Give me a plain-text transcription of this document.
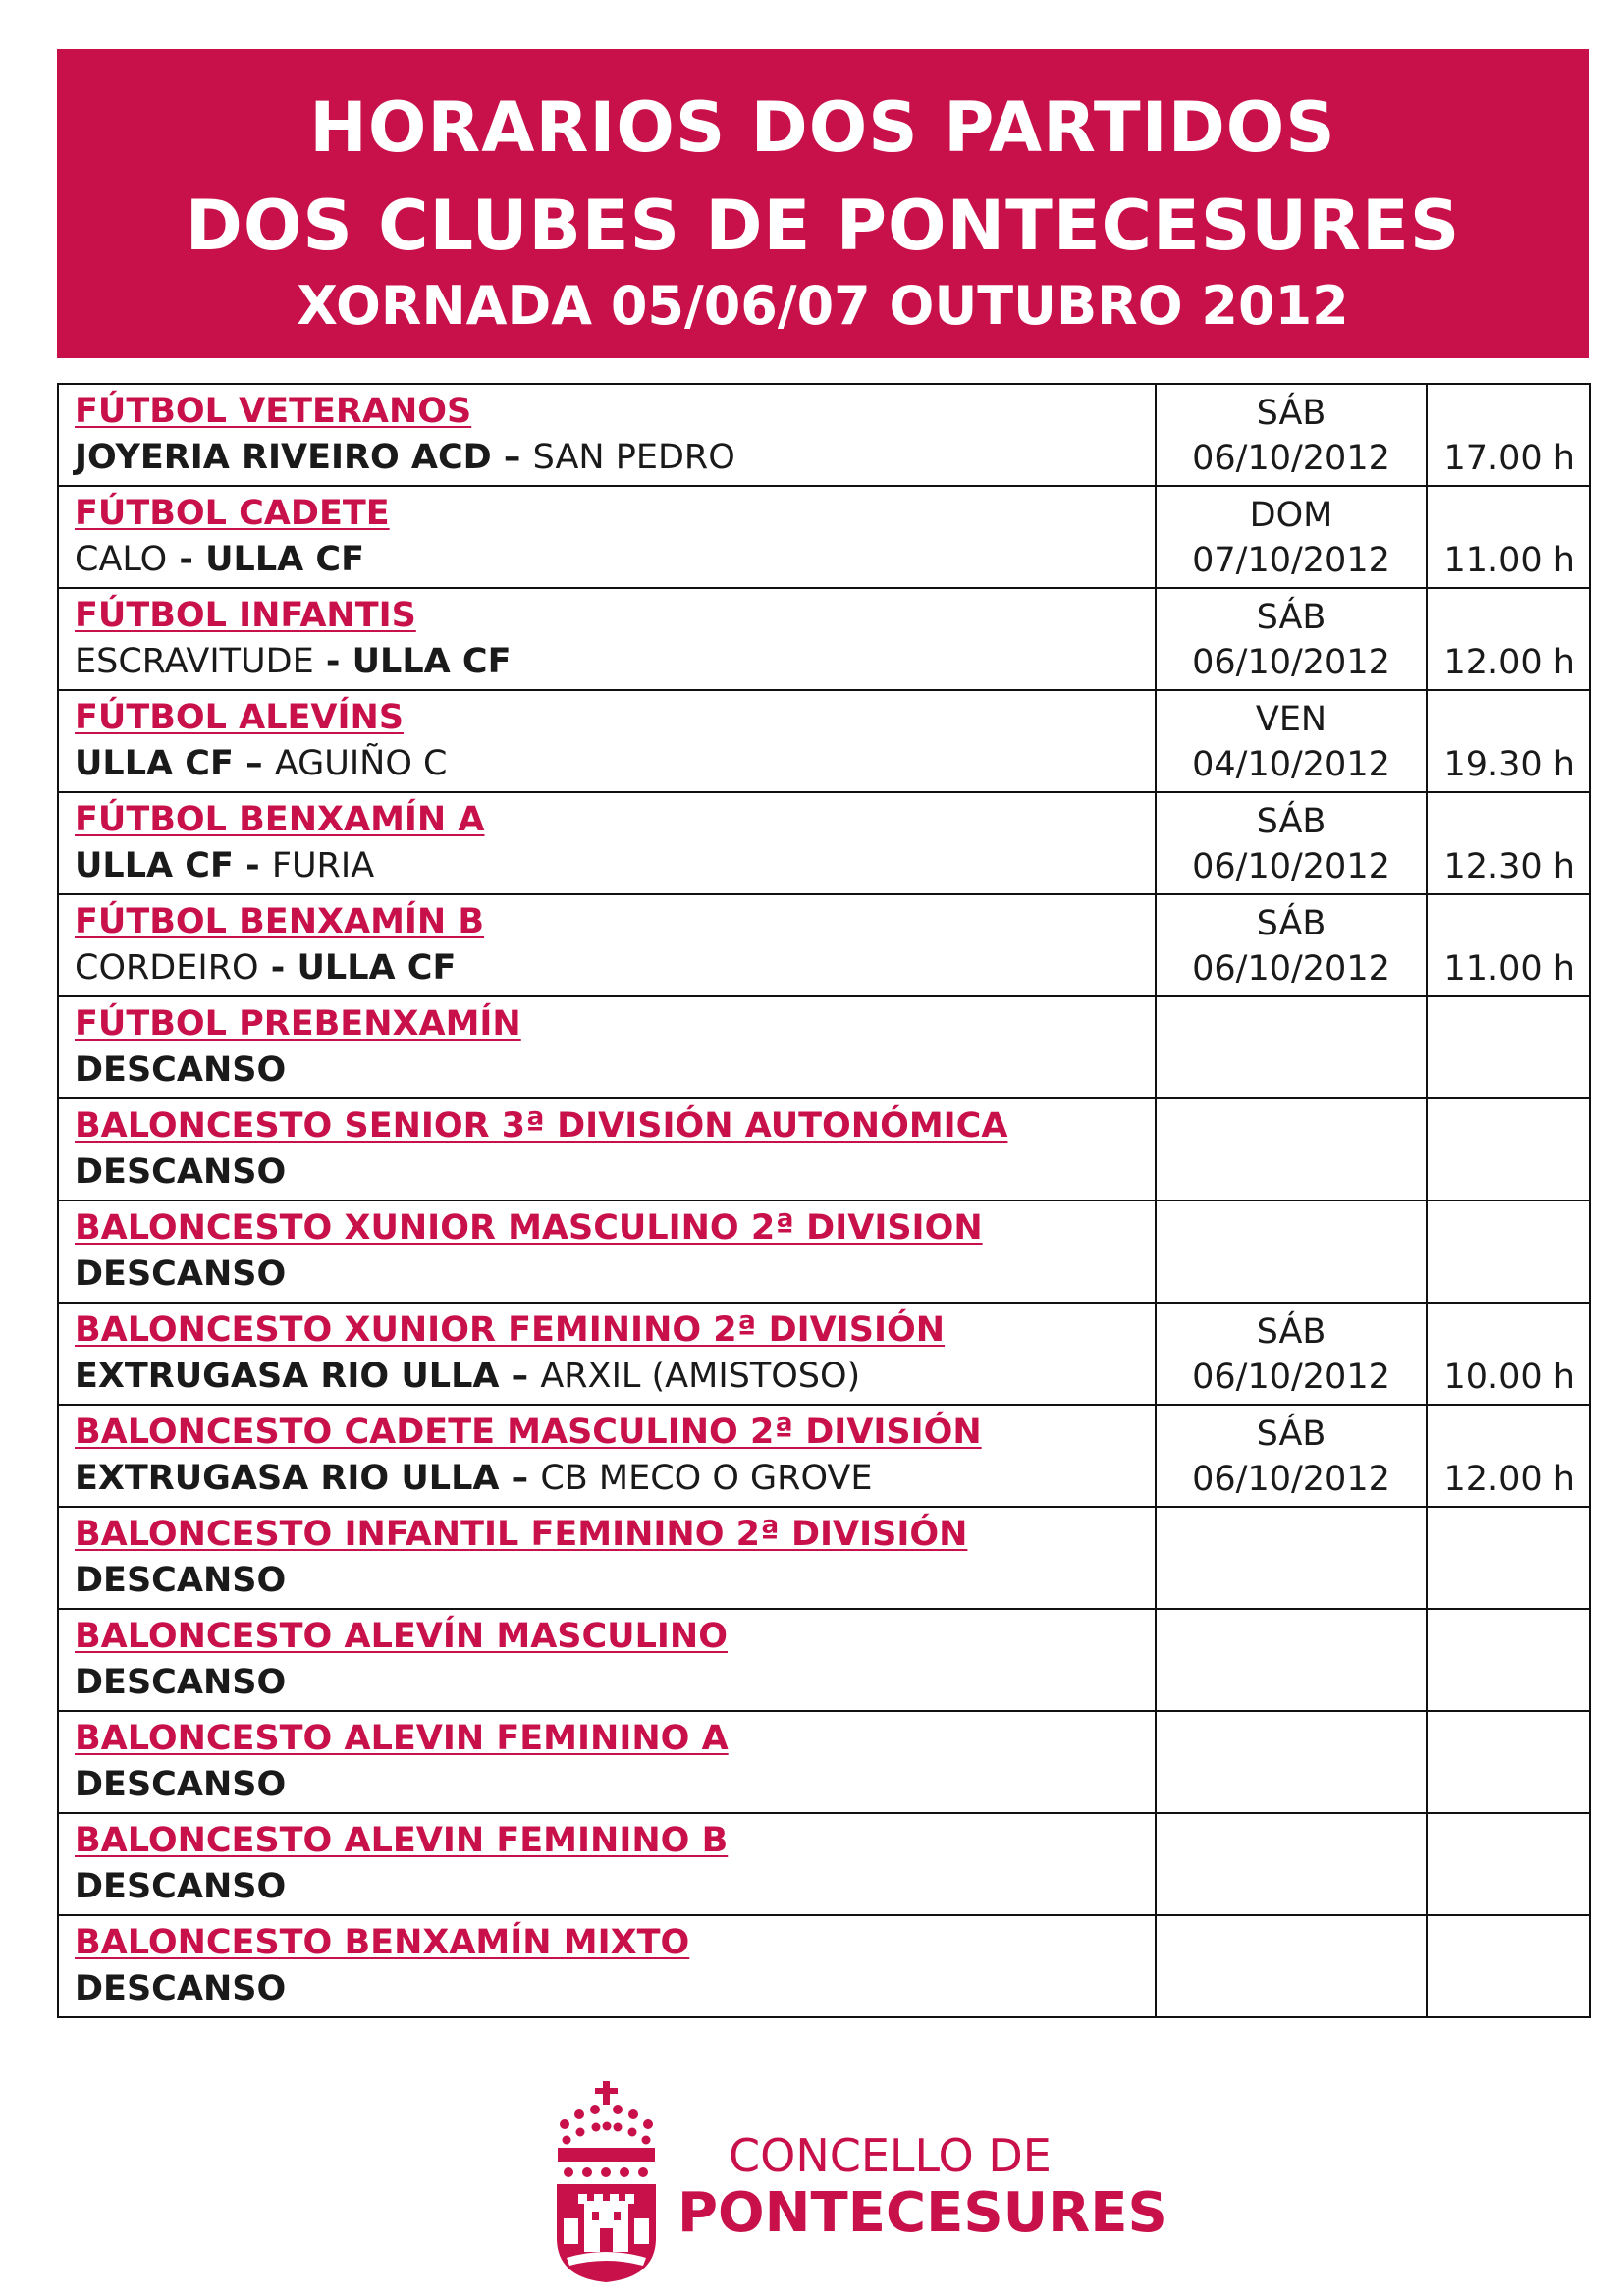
HORARIOS DOS PARTIDOS
DOS CLUBES DE PONTECESURES
XORNADA 05/06/07 OUTUBRO 2012
FÚTBOL VETERANOS
JOYERIA RIVEIRO ACD – SAN PEDRO	SÁB
06/10/2012	17.00 h

FÚTBOL CADETE
CALO - ULLA CF	DOM
07/10/2012	11.00 h

FÚTBOL INFANTIS
ESCRAVITUDE - ULLA CF	SÁB
06/10/2012	12.00 h

FÚTBOL ALEVÍNS
ULLA CF – AGUIÑO C	VEN
04/10/2012	19.30 h

FÚTBOL BENXAMÍN A
ULLA CF - FURIA	SÁB
06/10/2012	12.30 h

FÚTBOL BENXAMÍN B
CORDEIRO - ULLA CF	SÁB
06/10/2012	11.00 h

FÚTBOL PREBENXAMÍN
DESCANSO		

BALONCESTO SENIOR 3ª DIVISIÓN AUTONÓMICA
DESCANSO		

BALONCESTO XUNIOR MASCULINO 2ª DIVISION
DESCANSO		

BALONCESTO XUNIOR FEMININO 2ª DIVISIÓN
EXTRUGASA RIO ULLA – ARXIL (AMISTOSO)	SÁB
06/10/2012	10.00 h

BALONCESTO CADETE MASCULINO 2ª DIVISIÓN
EXTRUGASA RIO ULLA – CB MECO O GROVE	SÁB
06/10/2012	12.00 h

BALONCESTO INFANTIL FEMININO 2ª DIVISIÓN
DESCANSO		

BALONCESTO ALEVÍN MASCULINO
DESCANSO		

BALONCESTO ALEVIN FEMININO A
DESCANSO		

BALONCESTO ALEVIN FEMININO B
DESCANSO		

BALONCESTO BENXAMÍN MIXTO
DESCANSO		

CONCELLO DE
PONTECESURES
